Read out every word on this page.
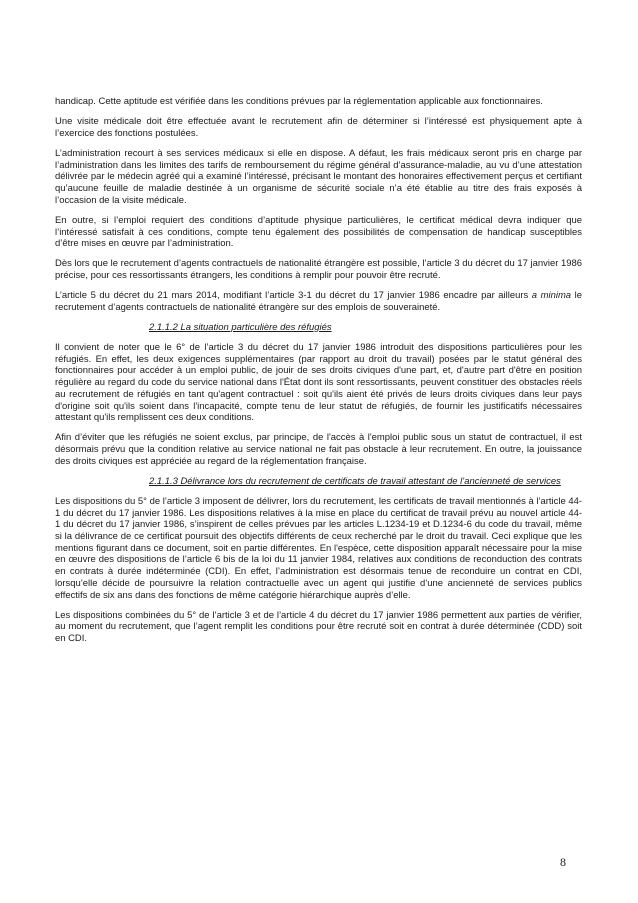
handicap. Cette aptitude est vérifiée dans les conditions prévues par la réglementation applicable aux fonctionnaires.

Une visite médicale doit être effectuée avant le recrutement afin de déterminer si l’intéressé est physiquement apte à l’exercice des fonctions postulées.

L’administration recourt à ses services médicaux si elle en dispose. A défaut, les frais médicaux seront pris en charge par l’administration dans les limites des tarifs de remboursement du régime général d’assurance-maladie, au vu d’une attestation délivrée par le médecin agréé qui a examiné l’intéressé, précisant le montant des honoraires effectivement perçus et certifiant qu’aucune feuille de maladie destinée à un organisme de sécurité sociale n’a été établie au titre des frais exposés à l’occasion de la visite médicale.

En outre, si l’emploi requiert des conditions d’aptitude physique particulières, le certificat médical devra indiquer que l’intéressé satisfait à ces conditions, compte tenu également des possibilités de compensation de handicap susceptibles d’être mises en œuvre par l’administration.

Dès lors que le recrutement d’agents contractuels de nationalité étrangère est possible, l’article 3 du décret du 17 janvier 1986 précise, pour ces ressortissants étrangers, les conditions à remplir pour pouvoir être recruté.

L’article 5 du décret du 21 mars 2014, modifiant l’article 3-1 du décret du 17 janvier 1986 encadre par ailleurs a minima le recrutement d’agents contractuels de nationalité étrangère sur des emplois de souveraineté.

2.1.1.2 La situation particulière des réfugiés

Il convient de noter que le 6° de l’article 3 du décret du 17 janvier 1986 introduit des dispositions particulières pour les réfugiés. En effet, les deux exigences supplémentaires (par rapport au droit du travail) posées par le statut général des fonctionnaires pour accéder à un emploi public, de jouir de ses droits civiques d'une part, et, d'autre part d'être en position régulière au regard du code du service national dans l'État dont ils sont ressortissants, peuvent constituer des obstacles réels au recrutement de réfugiés en tant qu'agent contractuel : soit qu'ils aient été privés de leurs droits civiques dans leur pays d'origine soit qu'ils soient dans l'incapacité, compte tenu de leur statut de réfugiés, de fournir les justificatifs nécessaires attestant qu'ils remplissent ces deux conditions.

Afin d’éviter que les réfugiés ne soient exclus, par principe, de l'accès à l'emploi public sous un statut de contractuel, il est désormais prévu que la condition relative au service national ne fait pas obstacle à leur recrutement. En outre, la jouissance des droits civiques est appréciée au regard de la réglementation française.

2.1.1.3 Délivrance lors du recrutement de certificats de travail attestant de l’ancienneté de services

Les dispositions du 5° de l’article 3 imposent de délivrer, lors du recrutement, les certificats de travail mentionnés à l’article 44-1 du décret du 17 janvier 1986. Les dispositions relatives à la mise en place du certificat de travail prévu au nouvel article 44-1 du décret du 17 janvier 1986, s’inspirent de celles prévues par les articles L.1234-19 et D.1234-6 du code du travail, même si la délivrance de ce certificat poursuit des objectifs différents de ceux recherché par le droit du travail. Ceci explique que les mentions figurant dans ce document, soit en partie différentes. En l'espèce, cette disposition apparaît nécessaire pour la mise en œuvre des dispositions de l’article 6 bis de la loi du 11 janvier 1984, relatives aux conditions de reconduction des contrats en contrats à durée indéterminée (CDI). En effet, l’administration est désormais tenue de reconduire un contrat en CDI, lorsqu’elle décide de poursuivre la relation contractuelle avec un agent qui justifie d’une ancienneté de services publics effectifs de six ans dans des fonctions de même catégorie hiérarchique auprès d’elle.

Les dispositions combinées du 5° de l’article 3 et de l’article 4 du décret du 17 janvier 1986 permettent aux parties de vérifier, au moment du recrutement, que l’agent remplit les conditions pour être recruté soit en contrat à durée déterminée (CDD) soit en CDI.

8
